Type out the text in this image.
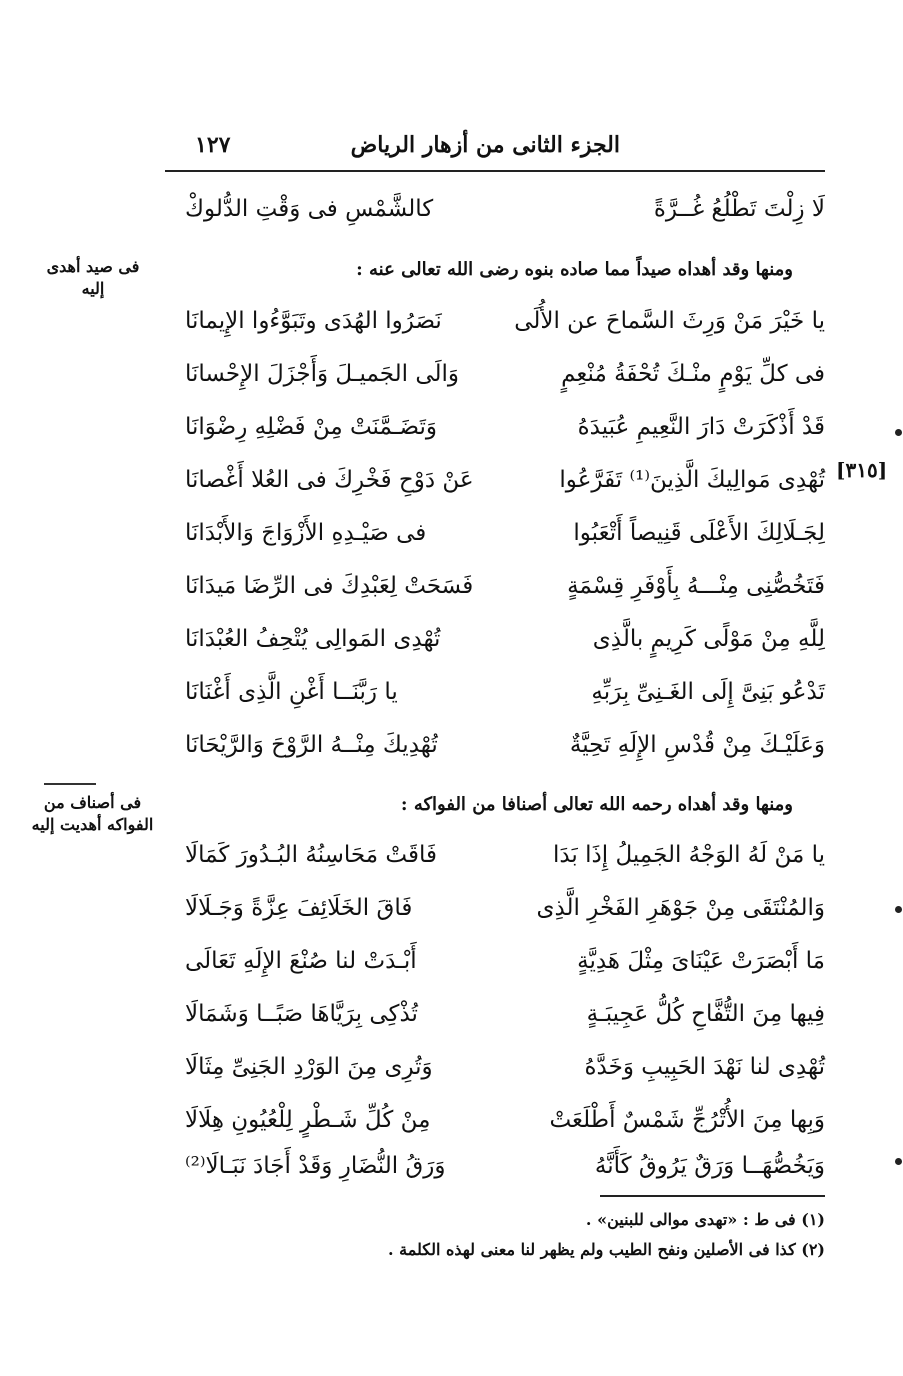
١٢٧	الجزء الثانى من أزهار الرياض
لَا زِلْتَ تَطْلُعُ غُــرَّةً
كالشَّمْسِ فى وَقْتِ الدُّلوكْ
ومنها وقد أهداه صيداً مما صاده بنوه رضى الله تعالى عنه :
فى صيد أهدى إليه
[٣١٥]
يا خَيْرَ مَنْ وَرِثَ السَّماحَ عن الأُلَى
نَصَرُوا الهُدَى وتَبَوَّءُوا الإِيمانَا
فى كلِّ يَوْمٍ منْـكَ تُحْفَةُ مُنْعِمٍ
وَالَى الجَميـلَ وَأَجْزَلَ الإِحْسانَا
قَدْ أَذْكَرَتْ دَارَ النَّعِيمِ عُبَيدَهُ
وَتَضَـمَّنَتْ مِنْ فَضْلِهِ رِضْوَانَا
تُهْدِى مَوالِيكَ الَّذِينَ⁽¹⁾ تَفَرَّعُوا
عَنْ دَوْحِ فَخْرِكَ فى العُلا أَغْصانَا
لِجَـلَالِكَ الأَعْلَى قَنِيصاً أَتْعَبُوا
فى صَيْـدِهِ الأَزْوَاجَ وَالأَبْدَانَا
فَتَخُصُّنِى مِنْـــهُ بِأَوْفَرِ قِسْمَةٍ
فَسَحَتْ لِعَبْدِكَ فى الرِّضَا مَيدَانَا
لِلَّهِ مِنْ مَوْلًى كَرِيمٍ بالَّذِى
تُهْدِى المَوالِى يُتْحِفُ العُبْدَانَا
تَدْعُو بَنِىَّ إِلَى الغَـنِىِّ بِرَبِّهِ
يا رَبَّنَــا أَغْنِ الَّذِى أَغْنَانَا
وَعَلَيْـكَ مِنْ قُدْسِ الإِلَهِ تَحِيَّةٌ
تُهْدِيكَ مِنْــهُ الرَّوْحَ وَالرَّيْحَانَا
ومنها وقد أهداه رحمه الله تعالى أصنافا من الفواكه :
فى أصناف من الفواكه أهديت إليه
يا مَنْ لَهُ الوَجْهُ الجَمِيلُ إِذَا بَدَا
فَاقَتْ مَحَاسِنُهُ البُـدُورَ كَمَالَا
وَالمُنْتَقَى مِنْ جَوْهَرِ الفَخْرِ الَّذِى
فَاقَ الخَلَائِفَ عِزَّةً وَجَـلَالَا
مَا أَبْصَرَتْ عَيْنَاىَ مِثْلَ هَدِيَّةٍ
أَبْـدَتْ لنا صُنْعَ الإِلَهِ تَعَالَى
فِيها مِنَ التُّفَّاحِ كُلُّ عَجِيبَـةٍ
تُذْكِى بِرَيَّاهَا صَبًــا وَشَمَالَا
تُهْدِى لنا نَهْدَ الحَبِيبِ وَخَدَّهُ
وَتُرِى مِنَ الوَرْدِ الجَنِىِّ مِثَالَا
وَبِها مِنَ الأُتْرُجِّ شَمْسٌ أَطْلَعَتْ
مِنْ كُلِّ شَـطْرٍ لِلْعُيُونِ هِلَالَا
وَيَخُصُّهَــا وَرَقٌ يَرُوقُ كَأَنَّهُ
وَرَقُ النُّضَارِ وَقَدْ أَجَادَ نَبَـالَا⁽²⁾
(١) فى ط : «تهدى موالى للبنين» .
(٢) كذا فى الأصلين ونفح الطيب ولم يظهر لنا معنى لهذه الكلمة .
